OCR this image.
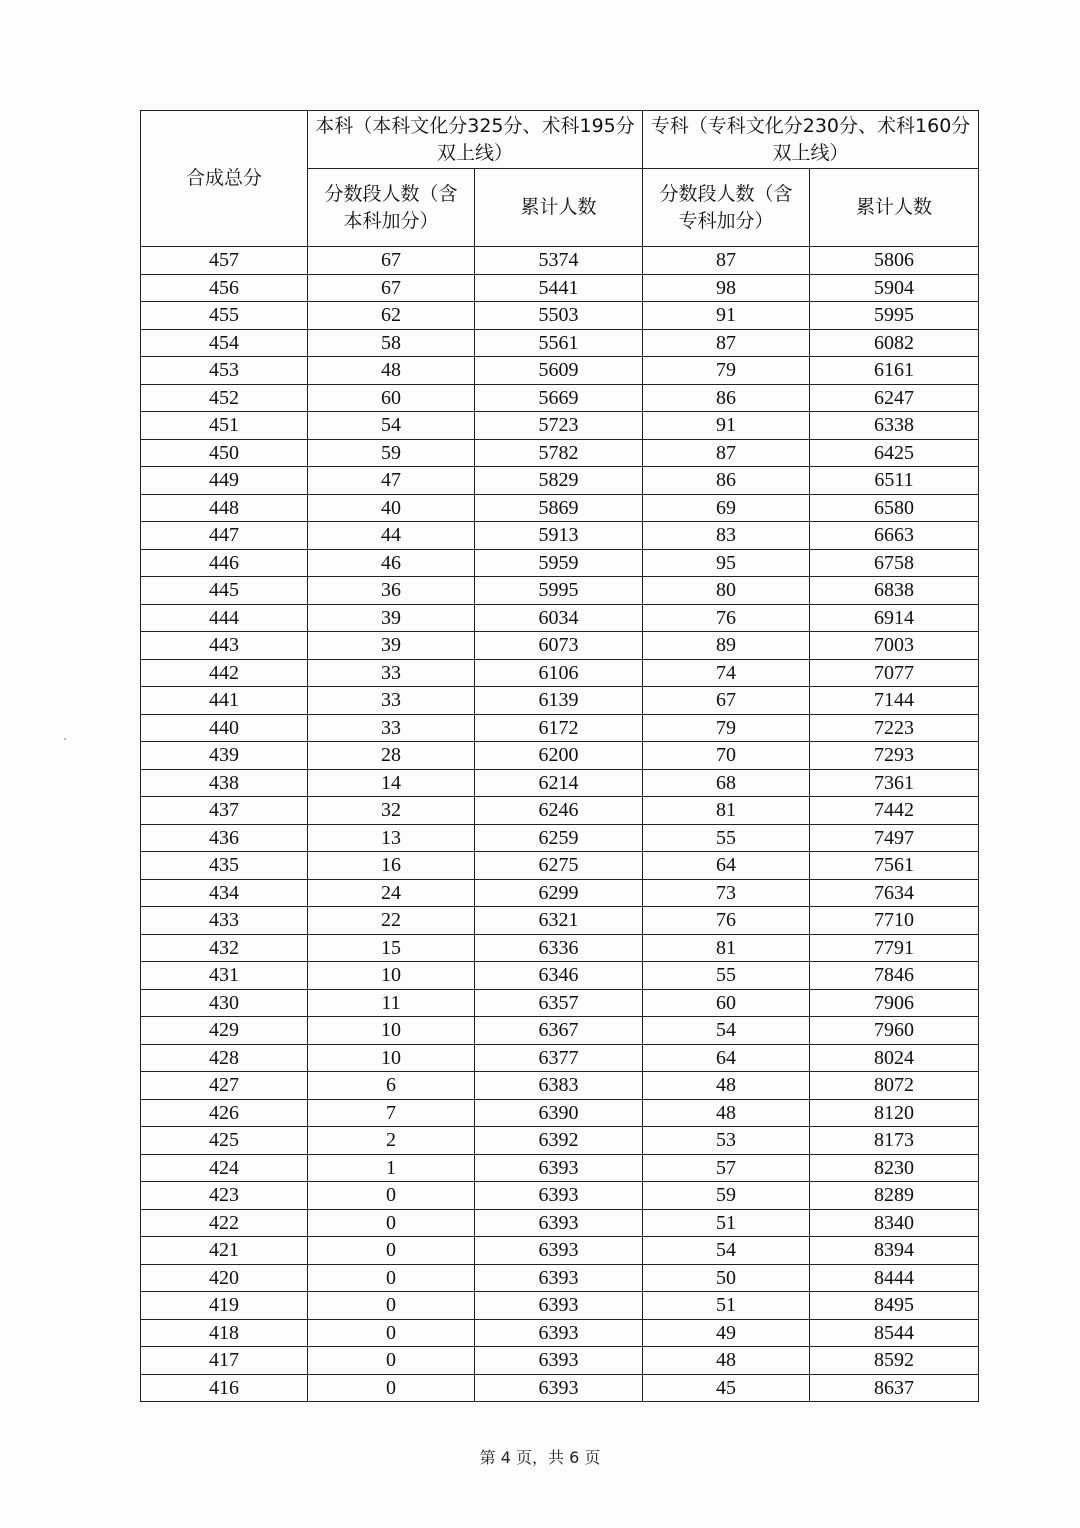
合成总分	本科（本科文化分325分、术科195分双上线）		专科（专科文化分230分、术科160分双上线）	
	分数段人数（含本科加分）	累计人数	分数段人数（含专科加分）	累计人数
457	67	5374	87	5806
456	67	5441	98	5904
455	62	5503	91	5995
454	58	5561	87	6082
453	48	5609	79	6161
452	60	5669	86	6247
451	54	5723	91	6338
450	59	5782	87	6425
449	47	5829	86	6511
448	40	5869	69	6580
447	44	5913	83	6663
446	46	5959	95	6758
445	36	5995	80	6838
444	39	6034	76	6914
443	39	6073	89	7003
442	33	6106	74	7077
441	33	6139	67	7144
440	33	6172	79	7223
439	28	6200	70	7293
438	14	6214	68	7361
437	32	6246	81	7442
436	13	6259	55	7497
435	16	6275	64	7561
434	24	6299	73	7634
433	22	6321	76	7710
432	15	6336	81	7791
431	10	6346	55	7846
430	11	6357	60	7906
429	10	6367	54	7960
428	10	6377	64	8024
427	6	6383	48	8072
426	7	6390	48	8120
425	2	6392	53	8173
424	1	6393	57	8230
423	0	6393	59	8289
422	0	6393	51	8340
421	0	6393	54	8394
420	0	6393	50	8444
419	0	6393	51	8495
418	0	6393	49	8544
417	0	6393	48	8592
416	0	6393	45	8637
第 4 页，共 6 页
